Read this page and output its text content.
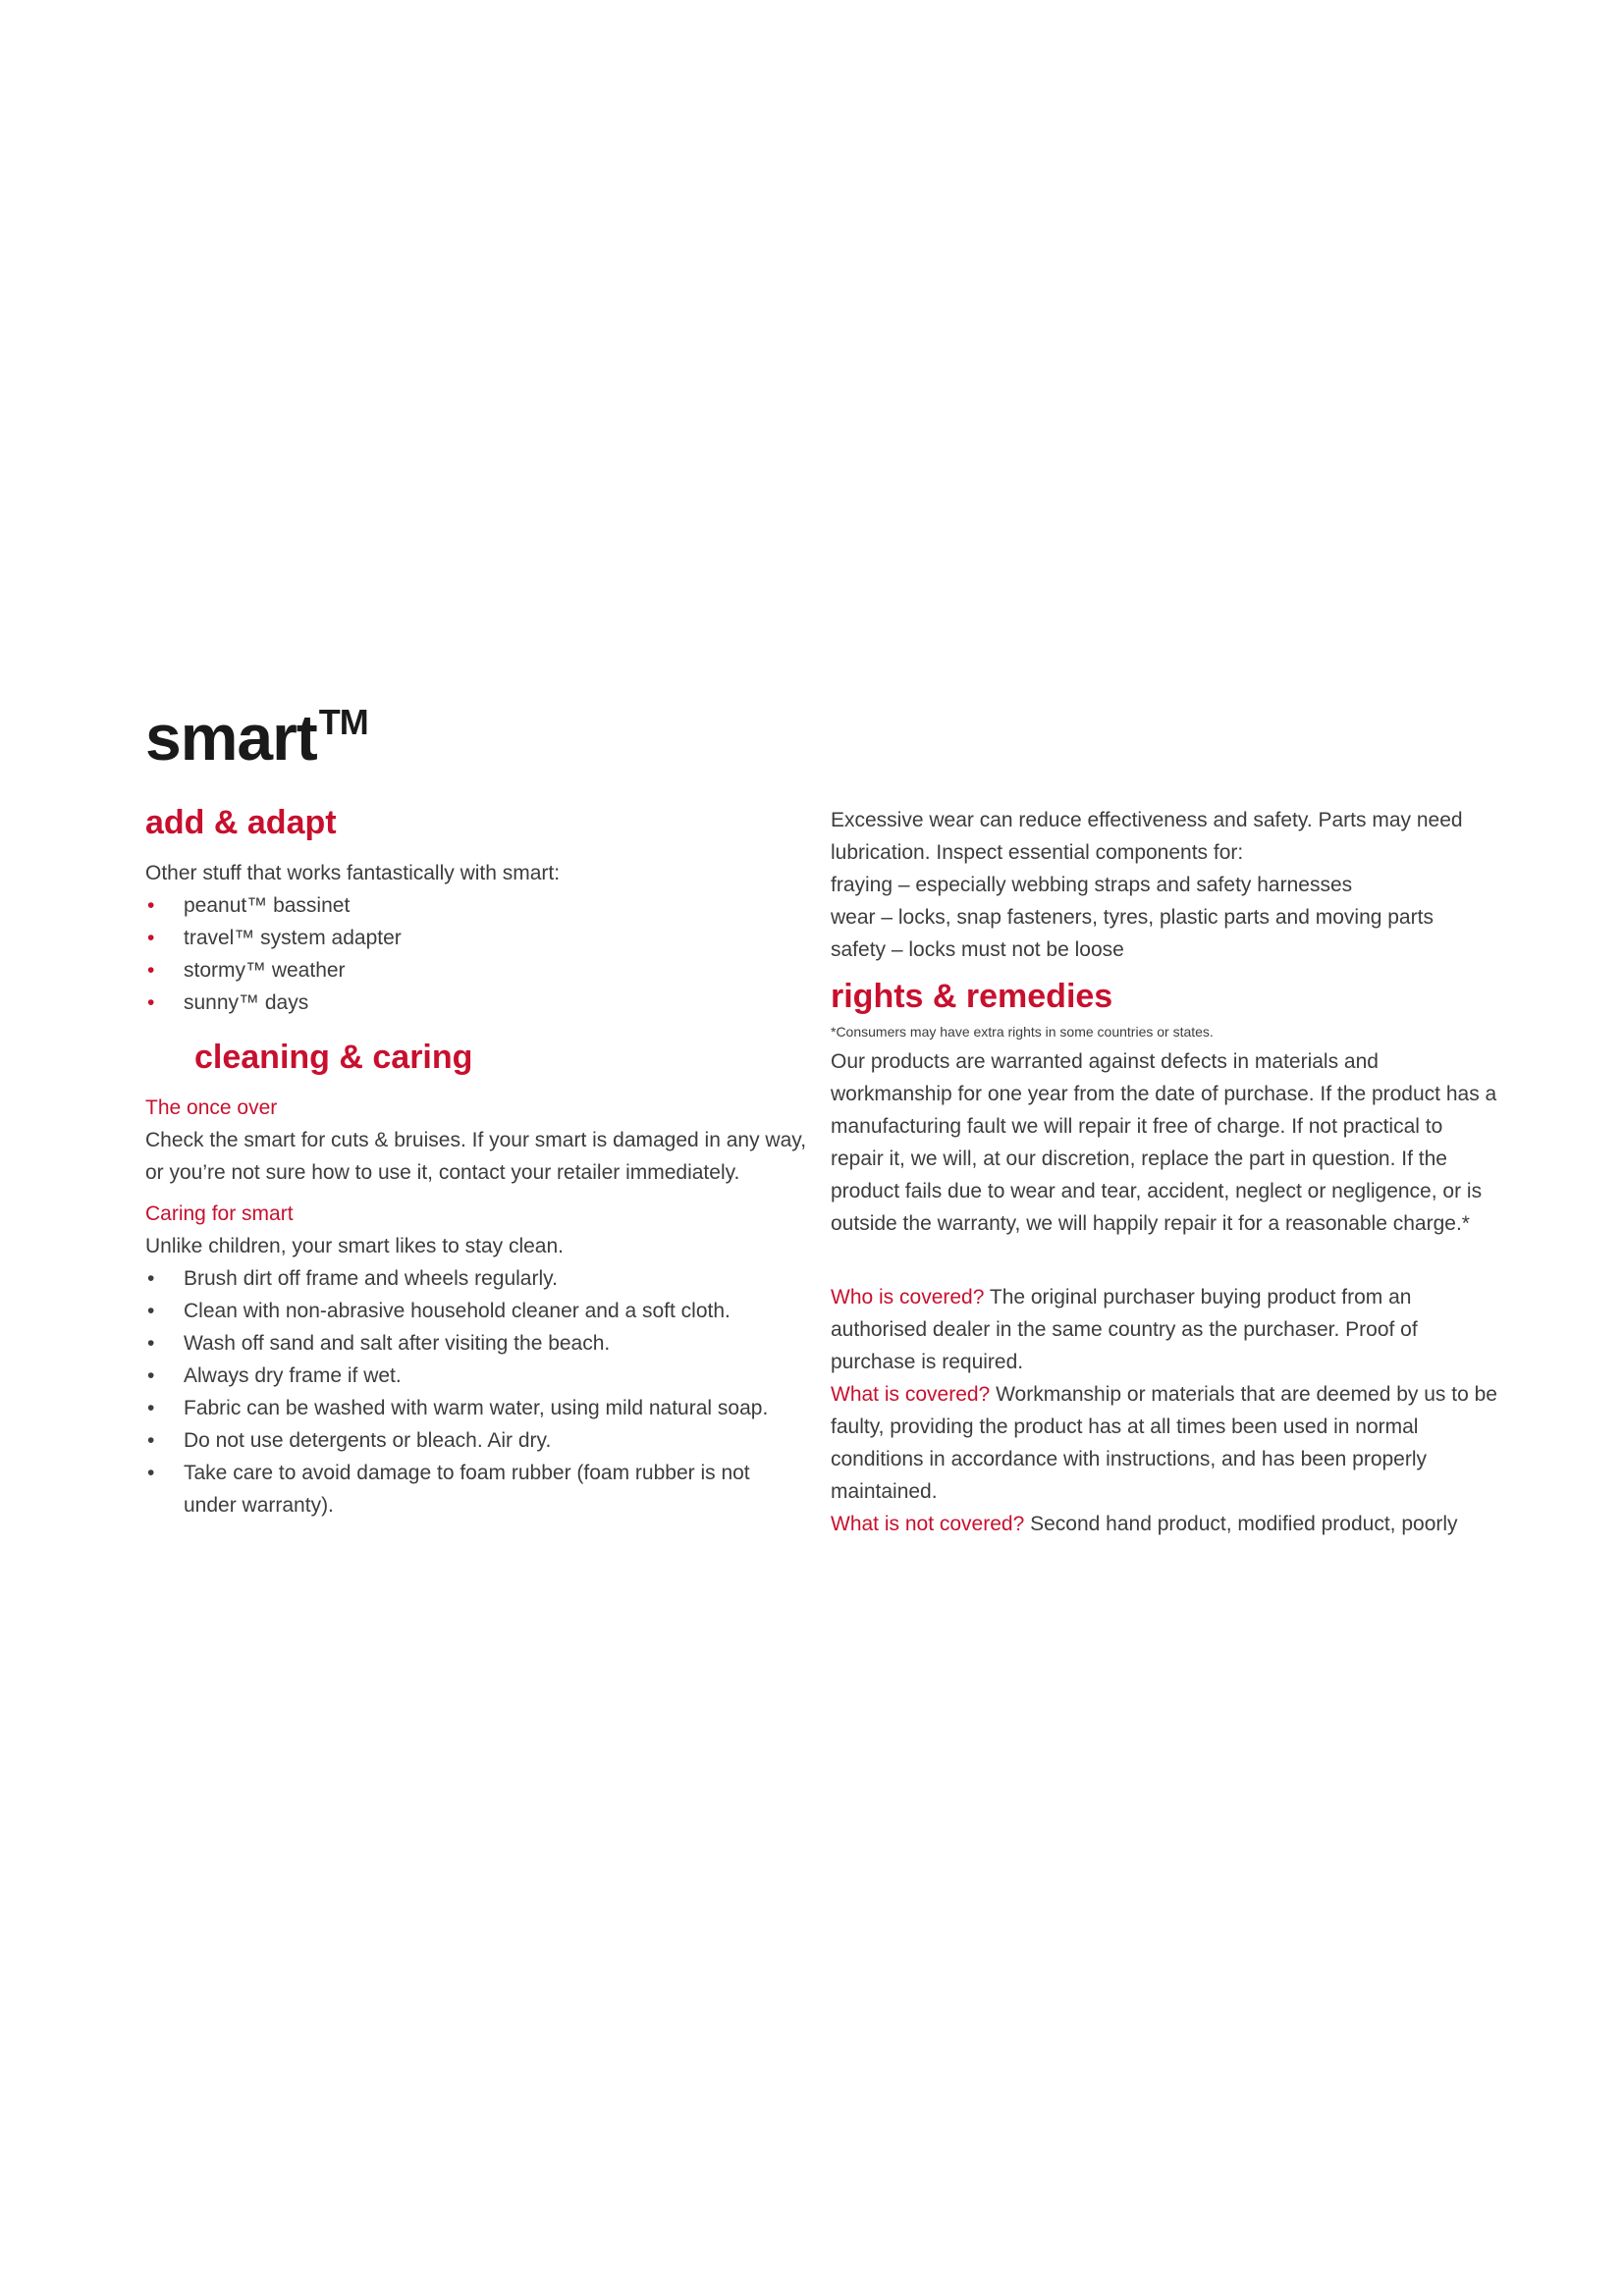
smart™
add & adapt

Other stuff that works fantastically with smart:

• peanut™ bassinet
• travel™ system adapter
• stormy™ weather
• sunny™ days
cleaning & caring
The once over

Check the smart for cuts & bruises. If your smart is damaged in any way, or you’re not sure how to use it, contact your retailer immediately.

Caring for smart

Unlike children, your smart likes to stay clean.

• Brush dirt off frame and wheels regularly.
• Clean with non-abrasive household cleaner and a soft cloth.
• Wash off sand and salt after visiting the beach.
• Always dry frame if wet.
• Fabric can be washed with warm water, using mild natural soap.
• Do not use detergents or bleach. Air dry.
• Take care to avoid damage to foam rubber (foam rubber is not under warranty).

Excessive wear can reduce effectiveness and safety. Parts may need lubrication. Inspect essential components for:

fraying – especially webbing straps and safety harnesses
wear – locks, snap fasteners, tyres, plastic parts and moving parts
safety – locks must not be loose
rights & remedies

*Consumers may have extra rights in some countries or states.

Our products are warranted against defects in materials and workmanship for one year from the date of purchase. If the product has a manufacturing fault we will repair it free of charge. If not practical to repair it, we will, at our discretion, replace the part in question. If the product fails due to wear and tear, accident, neglect or negligence, or is outside the warranty, we will happily repair it for a reasonable charge.*

Who is covered? The original purchaser buying product from an authorised dealer in the same country as the purchaser. Proof of purchase is required.

What is covered? Workmanship or materials that are deemed by us to be faulty, providing the product has at all times been used in normal conditions in accordance with instructions, and has been properly maintained.

What is not covered? Second hand product, modified product, poorly
